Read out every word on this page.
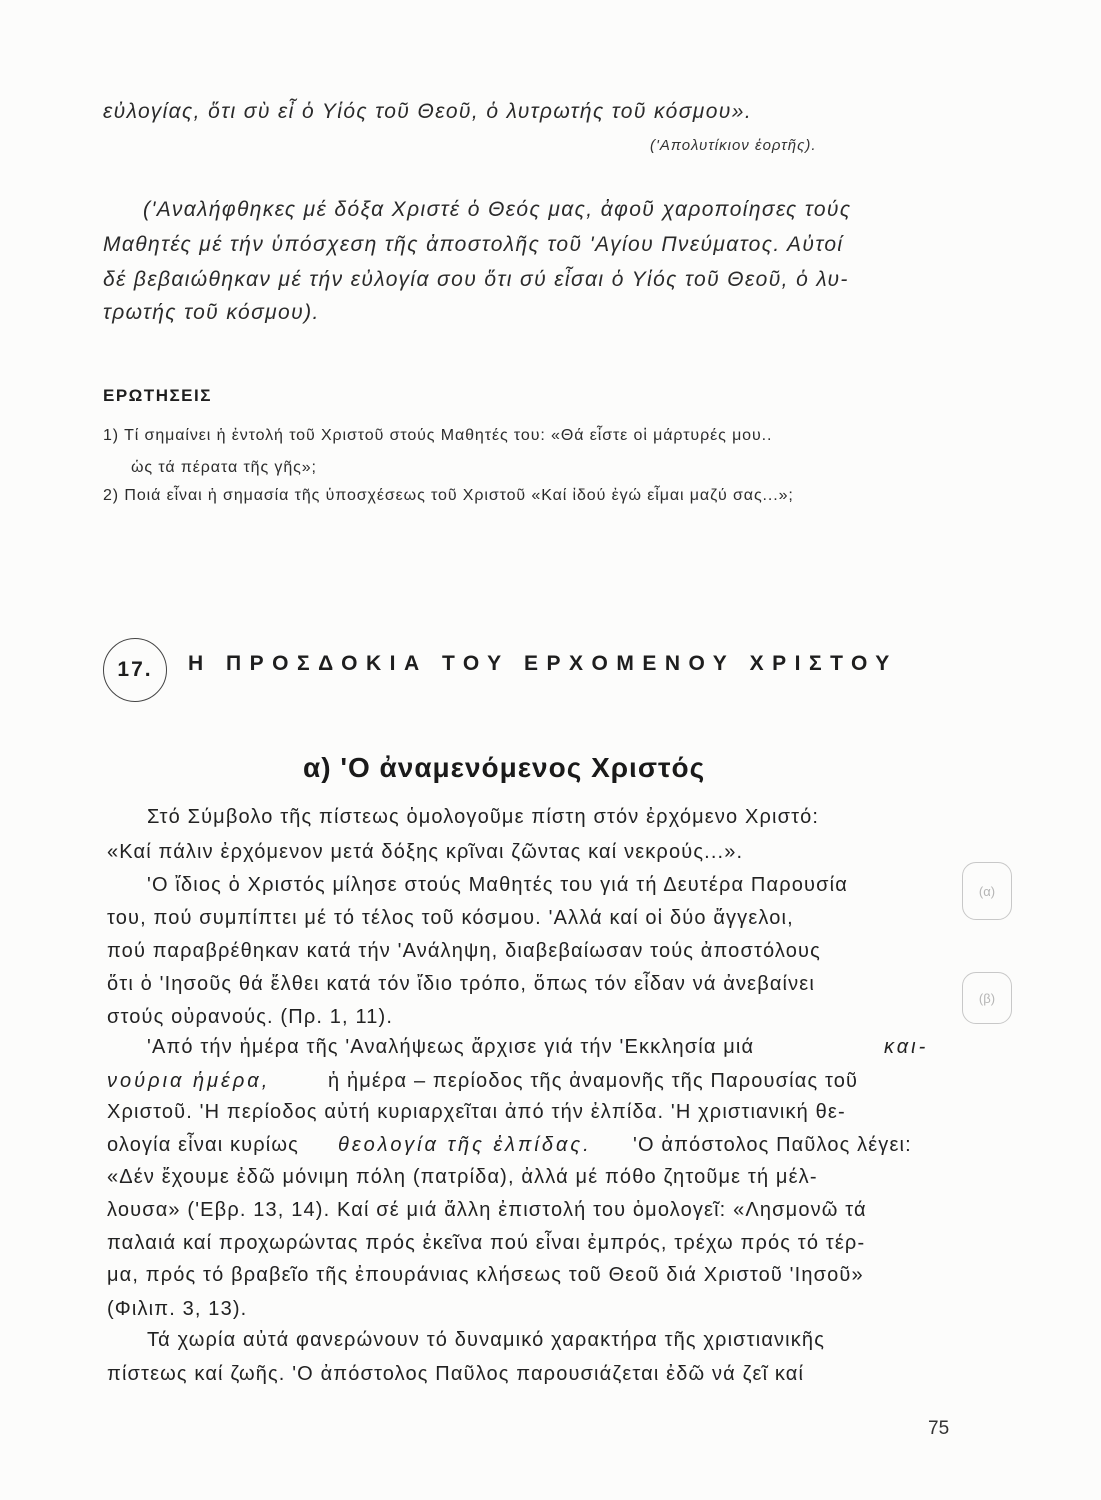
εὐλογίας, ὅτι σὺ εἶ ὁ Υἱός τοῦ Θεοῦ, ὁ λυτρωτής τοῦ κόσμου».
('Απολυτίκιον ἑορτῆς).
('Αναλήφθηκες μέ δόξα Χριστέ ὁ Θεός μας, ἀφοῦ χαροποίησες τούς
Μαθητές μέ τήν ὑπόσχεση τῆς ἀποστολῆς τοῦ 'Αγίου Πνεύματος. Αὐτοί
δέ βεβαιώθηκαν μέ τήν εὐλογία σου ὅτι σύ εἶσαι ὁ Υἱός τοῦ Θεοῦ, ὁ λυ-
τρωτής τοῦ κόσμου).
ΕΡΩΤΗΣΕΙΣ
1) Τί σημαίνει ἡ ἐντολή τοῦ Χριστοῦ στούς Μαθητές του: «Θά εἶστε οἱ μάρτυρές μου..
ὡς τά πέρατα τῆς γῆς»;
2) Ποιά εἶναι ἡ σημασία τῆς ὑποσχέσεως τοῦ Χριστοῦ «Καί ἰδού ἐγώ εἶμαι μαζύ σας...»;
17.	Η ΠΡΟΣΔΟΚΙΑ ΤΟΥ ΕΡΧΟΜΕΝΟΥ ΧΡΙΣΤΟΥ
α) 'Ο ἀναμενόμενος Χριστός
Στό Σύμβολο τῆς πίστεως ὁμολογοῦμε πίστη στόν ἐρχόμενο Χριστό:
«Καί πάλιν ἐρχόμενον μετά δόξης κρῖναι ζῶντας καί νεκρούς...».
'Ο ἴδιος ὁ Χριστός μίλησε στούς Μαθητές του γιά τή Δευτέρα Παρουσία
του, πού συμπίπτει μέ τό τέλος τοῦ κόσμου. 'Αλλά καί οἱ δύο ἄγγελοι,
πού παραβρέθηκαν κατά τήν 'Ανάληψη, διαβεβαίωσαν τούς ἀποστόλους
ὅτι ὁ 'Ιησοῦς θά ἔλθει κατά τόν ἴδιο τρόπο, ὅπως τόν εἶδαν νά ἀνεβαίνει
στούς οὐρανούς. (Πρ. 1, 11).
'Από τήν ἡμέρα τῆς 'Αναλήψεως ἄρχισε γιά τήν 'Εκκλησία μιά	και-
νούρια ἡμέρα,	ἡ ἡμέρα – περίοδος τῆς ἀναμονῆς τῆς Παρουσίας τοῦ
Χριστοῦ. 'Η περίοδος αὐτή κυριαρχεῖται ἀπό τήν ἐλπίδα. 'Η χριστιανική θε-
ολογία εἶναι κυρίως θεολογία τῆς ἐλπίδας. 'Ο ἀπόστολος Παῦλος λέγει:
«Δέν ἔχουμε ἐδῶ μόνιμη πόλη (πατρίδα), ἀλλά μέ πόθο ζητοῦμε τή μέλ-
λουσα» ('Εβρ. 13, 14). Καί σέ μιά ἄλλη ἐπιστολή του ὁμολογεῖ: «Λησμονῶ τά
παλαιά καί προχωρώντας πρός ἐκεῖνα πού εἶναι ἐμπρός, τρέχω πρός τό τέρ-
μα, πρός τό βραβεῖο τῆς ἐπουράνιας κλήσεως τοῦ Θεοῦ διά Χριστοῦ 'Ιησοῦ»
(Φιλιπ. 3, 13).
Τά χωρία αὐτά φανερώνουν τό δυναμικό χαρακτήρα τῆς χριστιανικῆς
πίστεως καί ζωῆς. 'Ο ἀπόστολος Παῦλος παρουσιάζεται ἐδῶ νά ζεῖ καί
(α)
(β)
75
